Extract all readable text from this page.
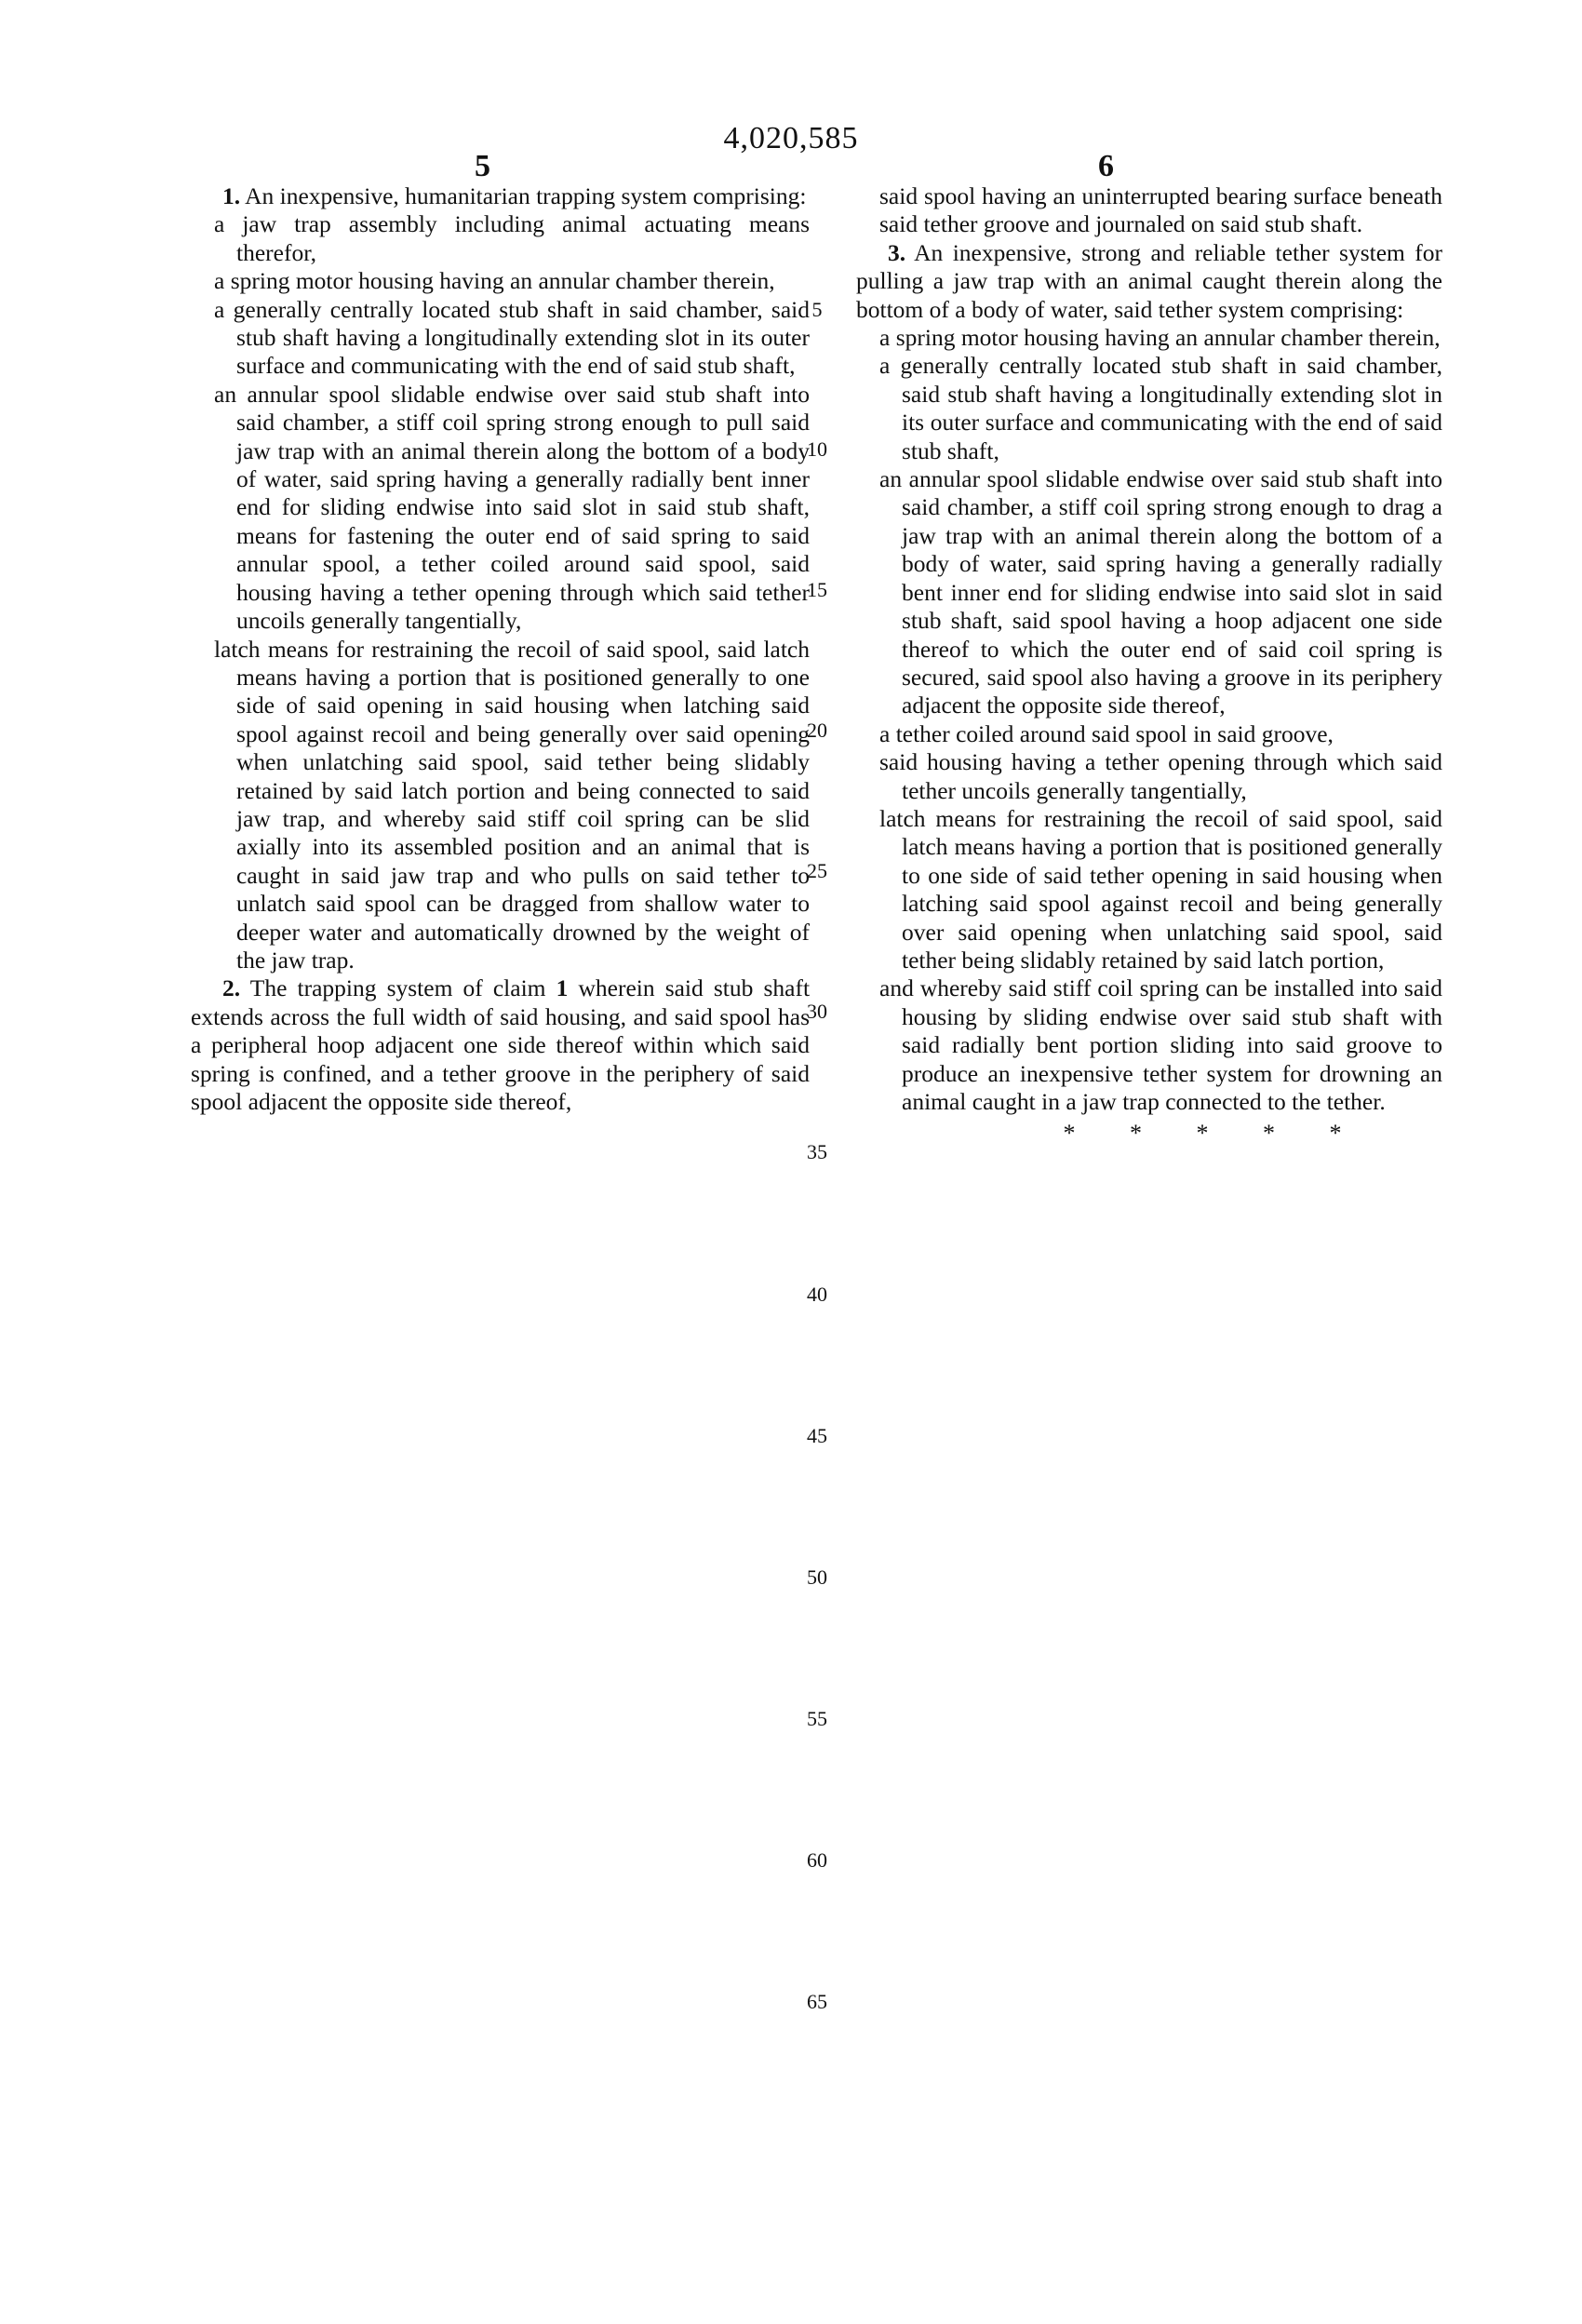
4,020,585
5	6

1. An inexpensive, humanitarian trapping system comprising:

a jaw trap assembly including animal actuating means therefor,

a spring motor housing having an annular chamber therein,

a generally centrally located stub shaft in said chamber, said stub shaft having a longitudinally extending slot in its outer surface and communicating with the end of said stub shaft,

an annular spool slidable endwise over said stub shaft into said chamber, a stiff coil spring strong enough to pull said jaw trap with an animal therein along the bottom of a body of water, said spring having a generally radially bent inner end for sliding endwise into said slot in said stub shaft, means for fastening the outer end of said spring to said annular spool, a tether coiled around said spool, said housing having a tether opening through which said tether uncoils generally tangentially,

latch means for restraining the recoil of said spool, said latch means having a portion that is positioned generally to one side of said opening in said housing when latching said spool against recoil and being generally over said opening when unlatching said spool, said tether being slidably retained by said latch portion and being connected to said jaw trap, and whereby said stiff coil spring can be slid axially into its assembled position and an animal that is caught in said jaw trap and who pulls on said tether to unlatch said spool can be dragged from shallow water to deeper water and automatically drowned by the weight of the jaw trap.

2. The trapping system of claim 1 wherein said stub shaft extends across the full width of said housing, and said spool has a peripheral hoop adjacent one side thereof within which said spring is confined, and a tether groove in the periphery of said spool adjacent the opposite side thereof,

said spool having an uninterrupted bearing surface beneath said tether groove and journaled on said stub shaft.

3. An inexpensive, strong and reliable tether system for pulling a jaw trap with an animal caught therein along the bottom of a body of water, said tether system comprising:

a spring motor housing having an annular chamber therein,

a generally centrally located stub shaft in said chamber, said stub shaft having a longitudinally extending slot in its outer surface and communicating with the end of said stub shaft,

an annular spool slidable endwise over said stub shaft into said chamber, a stiff coil spring strong enough to drag a jaw trap with an animal therein along the bottom of a body of water, said spring having a generally radially bent inner end for sliding endwise into said slot in said stub shaft, said spool having a hoop adjacent one side thereof to which the outer end of said coil spring is secured, said spool also having a groove in its periphery adjacent the opposite side thereof,

a tether coiled around said spool in said groove,

said housing having a tether opening through which said tether uncoils generally tangentially,

latch means for restraining the recoil of said spool, said latch means having a portion that is positioned generally to one side of said tether opening in said housing when latching said spool against recoil and being generally over said opening when unlatching said spool, said tether being slidably retained by said latch portion,

and whereby said stiff coil spring can be installed into said housing by sliding endwise over said stub shaft with said radially bent portion sliding into said groove to produce an inexpensive tether system for drowning an animal caught in a jaw trap connected to the tether.

* * * * *
5
10
15
20
25
30
35
40
45
50
55
60
65
